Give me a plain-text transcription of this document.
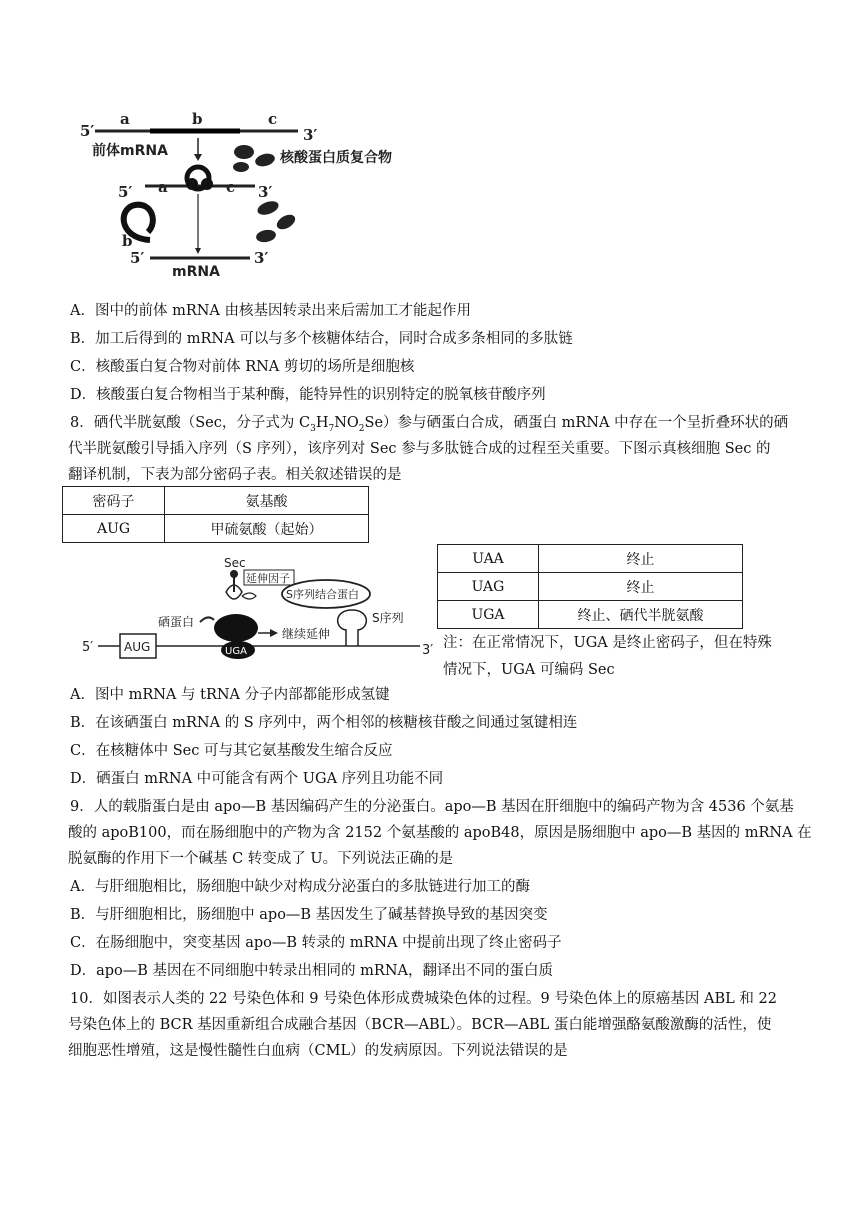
5′
a	b	c
3′
前体mRNA	核酸蛋白质复合物
5′ a	c 3′
b
5′
mRNA
3′
A．图中的前体 mRNA 由核基因转录出来后需加工才能起作用
B．加工后得到的 mRNA 可以与多个核糖体结合，同时合成多条相同的多肽链
C．核酸蛋白复合物对前体 RNA 剪切的场所是细胞核
D．核酸蛋白复合物相当于某种酶，能特异性的识别特定的脱氧核苷酸序列
8．硒代半胱氨酸（Sec，分子式为 $C_3H_7NO_2Se$）参与硒蛋白合成，硒蛋白 mRNA 中存在一个呈折叠环状的硒
代半胱氨酸引导插入序列（S 序列），该序列对 Sec 参与多肽链合成的过程至关重要。下图示真核细胞 Sec 的
翻译机制，下表为部分密码子表。相关叙述错误的是
密码子	氨基酸
AUG	甲硫氨酸（起始）
UAA	终止
UAG	终止
UGA	终止、硒代半胱氨酸
注：在正常情况下，UGA 是终止密码子，但在特殊
情况下，UGA 可编码 Sec
5′	3′
AUG	UGA
Sec
延伸因子
S序列结合蛋白
继续延伸
S序列
硒蛋白
A．图中 mRNA 与 tRNA 分子内部都能形成氢键
B．在该硒蛋白 mRNA 的 S 序列中，两个相邻的核糖核苷酸之间通过氢键相连
C．在核糖体中 Sec 可与其它氨基酸发生缩合反应
D．硒蛋白 mRNA 中可能含有两个 UGA 序列且功能不同
9．人的载脂蛋白是由 apo—B 基因编码产生的分泌蛋白。apo—B 基因在肝细胞中的编码产物为含 4536 个氨基
酸的 apoB100，而在肠细胞中的产物为含 2152 个氨基酸的 apoB48，原因是肠细胞中 apo—B 基因的 mRNA 在
脱氨酶的作用下一个碱基 C 转变成了 U。下列说法正确的是
A．与肝细胞相比，肠细胞中缺少对构成分泌蛋白的多肽链进行加工的酶
B．与肝细胞相比，肠细胞中 apo—B 基因发生了碱基替换导致的基因突变
C．在肠细胞中，突变基因 apo—B 转录的 mRNA 中提前出现了终止密码子
D．apo—B 基因在不同细胞中转录出相同的 mRNA，翻译出不同的蛋白质
10．如图表示人类的 22 号染色体和 9 号染色体形成费城染色体的过程。9 号染色体上的原癌基因 ABL 和 22
号染色体上的 BCR 基因重新组合成融合基因（BCR—ABL）。BCR—ABL 蛋白能增强酪氨酸激酶的活性，使
细胞恶性增殖，这是慢性髓性白血病（CML）的发病原因。下列说法错误的是
